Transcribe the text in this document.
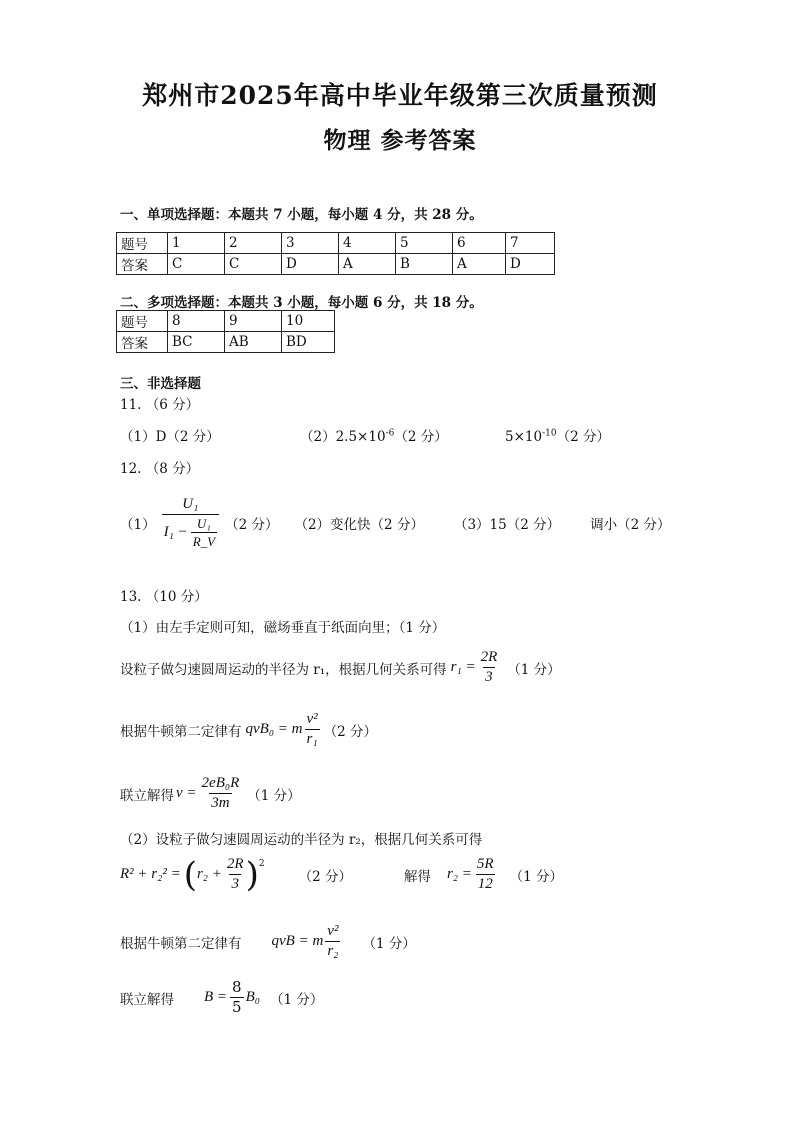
郑州市2025年高中毕业年级第三次质量预测
物理 参考答案
一、单项选择题：本题共 7 小题，每小题 4 分，共 28 分。
题号	1	2	3	4	5	6	7
答案	C	C	D	A	B	A	D
二、多项选择题：本题共 3 小题，每小题 6 分，共 18 分。
题号	8	9	10
答案	BC	AB	BD
三、非选择题
11. （6 分）
（1）D（2 分）	$(2)2.5\times 10^{-6}(2$ 分）	$5\times 10^{-10}(2$ 分）
12. （8 分）
$(1) \frac{\text{U₁}}{I_1 - \frac{\text{U₁}}{R\_V}} (2$ 分） （2）变化快（2 分） （3）15（2 分） 调小（2 分）
13. （10 分）
（1）由左手定则可知，磁场垂直于纸面向里；（1 分）
设粒子做匀速圆周运动的半径为 r₁，根据几何关系可得 $r_1 = \frac{2R}{3} (1$ 分）
根据牛顿第二定律有 qvB₀ = m $\frac{\text{v²}}{\text{r₁}} (2$ 分）
联立解得 $v = \frac{\text{2eB₀R}}{3m} (1$ 分）
（2）设粒子做匀速圆周运动的半径为 r₂，根据几何关系可得
R² + r₂² = ( $r_2 + \frac{2R}{3} )^2$
（2 分）	解得 $r_2 = \frac{5R}{12} (1$ 分）
根据牛顿第二定律有 qvB = m $\frac{\text{v²}}{\text{r₂}} (1$ 分）
联立解得 $B = \frac{8}{5} B_0$ （1 分）
